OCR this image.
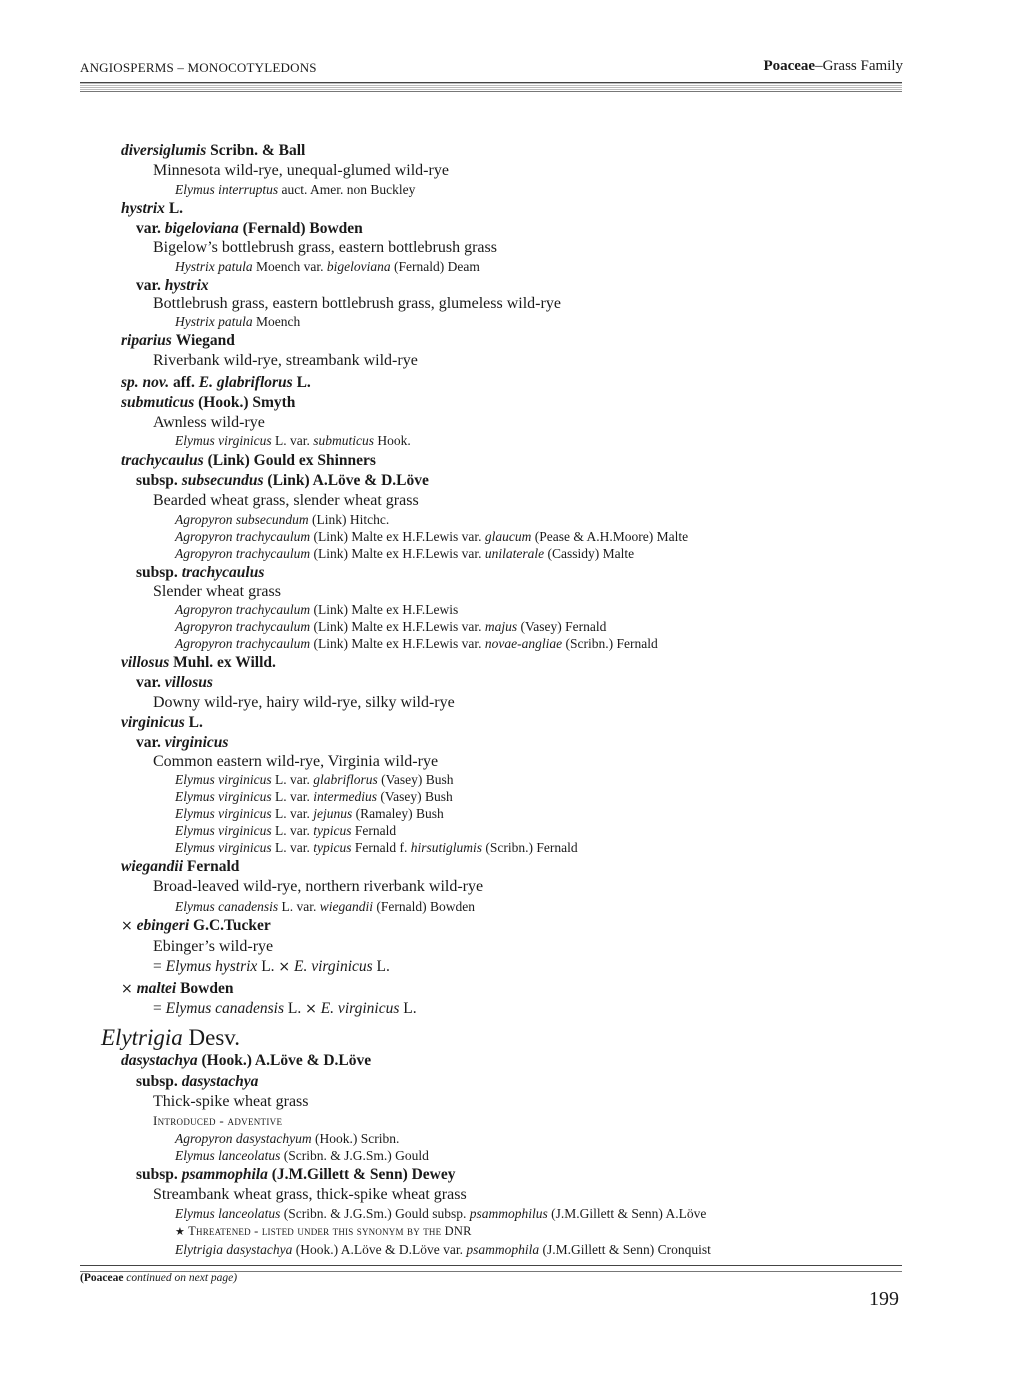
ANGIOSPERMS – MONOCOTYLEDONS	Poaceae–Grass Family
diversiglumis Scribn. & Ball
Minnesota wild-rye, unequal-glumed wild-rye
Elymus interruptus auct. Amer. non Buckley
hystrix L.
var. bigeloviana (Fernald) Bowden
Bigelow’s bottlebrush grass, eastern bottlebrush grass
Hystrix patula Moench var. bigeloviana (Fernald) Deam
var. hystrix
Bottlebrush grass, eastern bottlebrush grass, glumeless wild-rye
Hystrix patula Moench
riparius Wiegand
Riverbank wild-rye, streambank wild-rye
sp. nov. aff. E. glabriflorus L.
submuticus (Hook.) Smyth
Awnless wild-rye
Elymus virginicus L. var. submuticus Hook.
trachycaulus (Link) Gould ex Shinners
subsp. subsecundus (Link) A.Löve & D.Löve
Bearded wheat grass, slender wheat grass
Agropyron subsecundum (Link) Hitchc.
Agropyron trachycaulum (Link) Malte ex H.F.Lewis var. glaucum (Pease & A.H.Moore) Malte
Agropyron trachycaulum (Link) Malte ex H.F.Lewis var. unilaterale (Cassidy) Malte
subsp. trachycaulus
Slender wheat grass
Agropyron trachycaulum (Link) Malte ex H.F.Lewis
Agropyron trachycaulum (Link) Malte ex H.F.Lewis var. majus (Vasey) Fernald
Agropyron trachycaulum (Link) Malte ex H.F.Lewis var. novae-angliae (Scribn.) Fernald
villosus Muhl. ex Willd.
var. villosus
Downy wild-rye, hairy wild-rye, silky wild-rye
virginicus L.
var. virginicus
Common eastern wild-rye, Virginia wild-rye
Elymus virginicus L. var. glabriflorus (Vasey) Bush
Elymus virginicus L. var. intermedius (Vasey) Bush
Elymus virginicus L. var. jejunus (Ramaley) Bush
Elymus virginicus L. var. typicus Fernald
Elymus virginicus L. var. typicus Fernald f. hirsutiglumis (Scribn.) Fernald
wiegandii Fernald
Broad-leaved wild-rye, northern riverbank wild-rye
Elymus canadensis L. var. wiegandii (Fernald) Bowden
× ebingeri G.C.Tucker
Ebinger’s wild-rye
= Elymus hystrix L. × E. virginicus L.
× maltei Bowden
= Elymus canadensis L. × E. virginicus L.
Elytrigia Desv.
dasystachya (Hook.) A.Löve & D.Löve
subsp. dasystachya
Thick-spike wheat grass
Introduced - adventive
Agropyron dasystachyum (Hook.) Scribn.
Elymus lanceolatus (Scribn. & J.G.Sm.) Gould
subsp. psammophila (J.M.Gillett & Senn) Dewey
Streambank wheat grass, thick-spike wheat grass
Elymus lanceolatus (Scribn. & J.G.Sm.) Gould subsp. psammophilus (J.M.Gillett & Senn) A.Löve
★ Threatened - listed under this synonym by the DNR
Elytrigia dasystachya (Hook.) A.Löve & D.Löve var. psammophila (J.M.Gillett & Senn) Cronquist
(Poaceae continued on next page)
199
